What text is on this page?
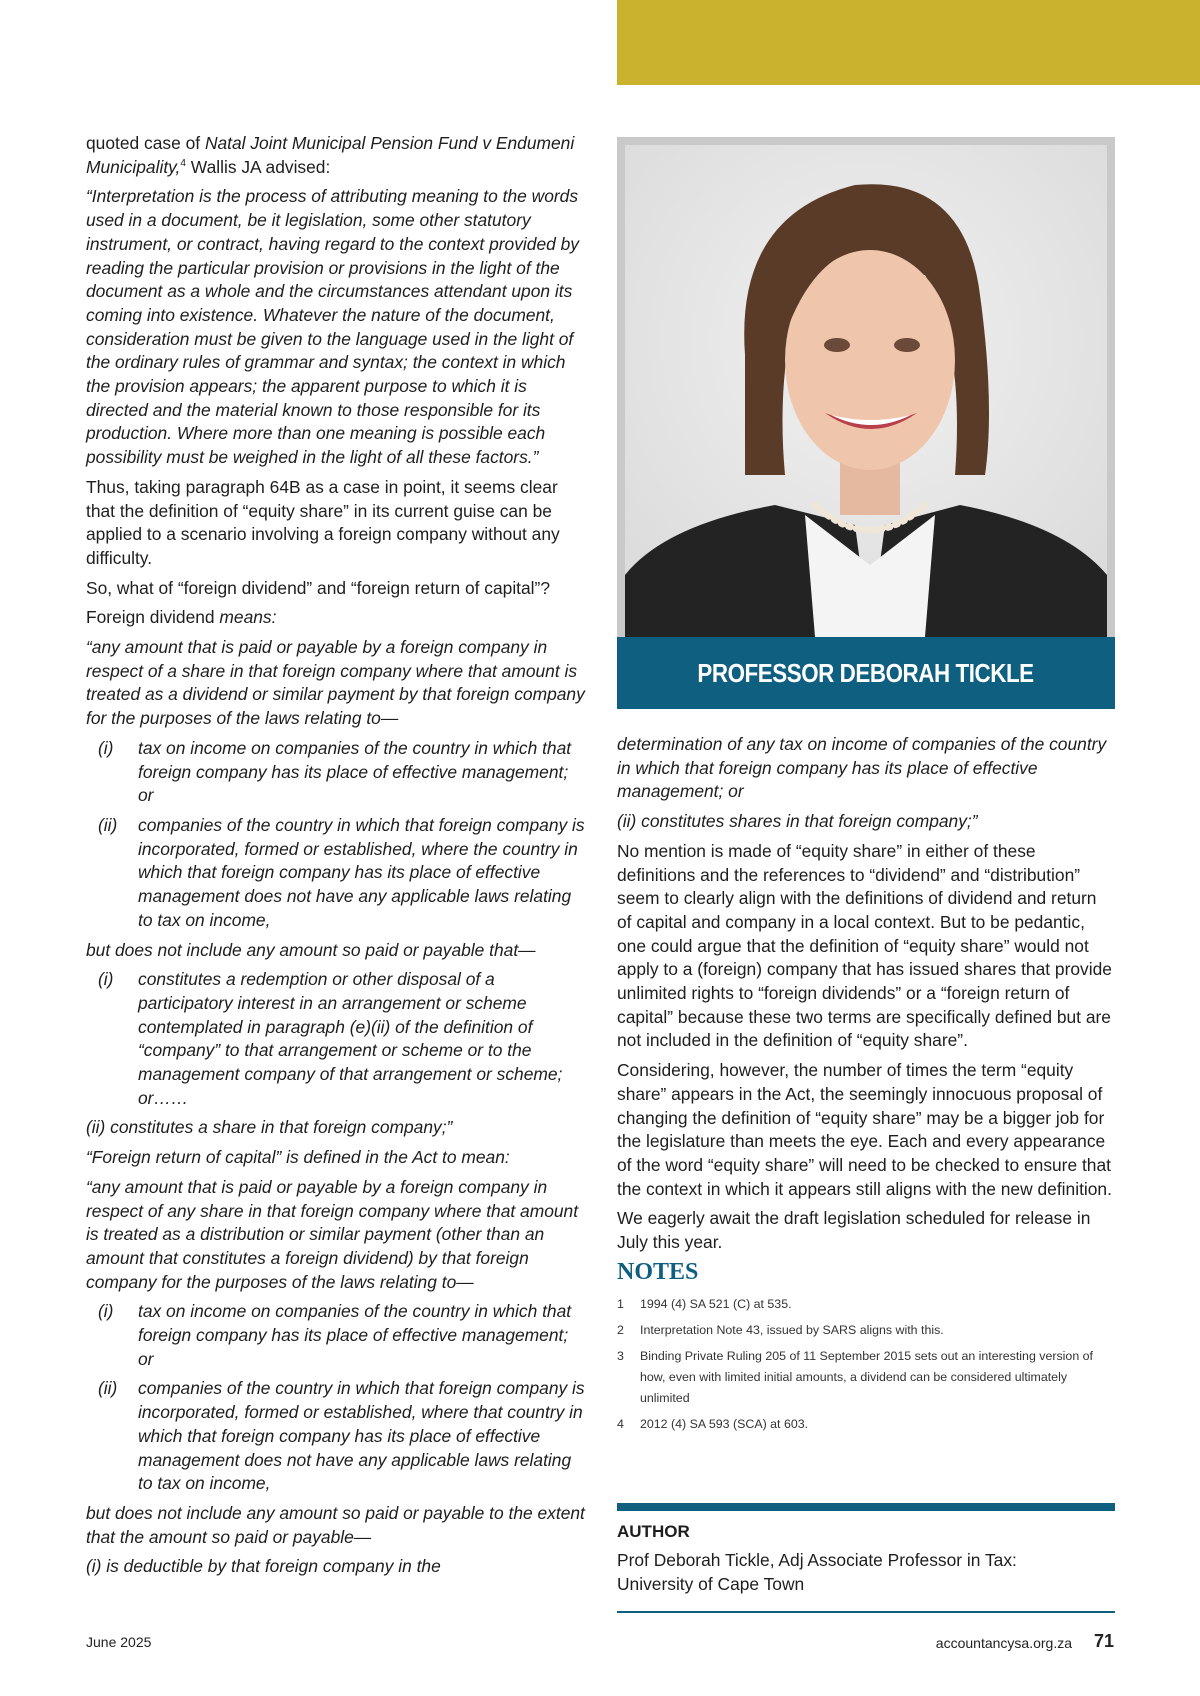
quoted case of Natal Joint Municipal Pension Fund v Endumeni Municipality,$^4$ Wallis JA advised:

“Interpretation is the process of attributing meaning to the words used in a document, be it legislation, some other statutory instrument, or contract, having regard to the context provided by reading the particular provision or provisions in the light of the document as a whole and the circumstances attendant upon its coming into existence. Whatever the nature of the document, consideration must be given to the language used in the light of the ordinary rules of grammar and syntax; the context in which the provision appears; the apparent purpose to which it is directed and the material known to those responsible for its production. Where more than one meaning is possible each possibility must be weighed in the light of all these factors.”

Thus, taking paragraph 64B as a case in point, it seems clear that the definition of “equity share” in its current guise can be applied to a scenario involving a foreign company without any difficulty.

So, what of “foreign dividend” and “foreign return of capital”?

Foreign dividend means:

“any amount that is paid or payable by a foreign company in respect of a share in that foreign company where that amount is treated as a dividend or similar payment by that foreign company for the purposes of the laws relating to—

(i)	tax on income on companies of the country in which that foreign company has its place of effective management; or
(ii)	companies of the country in which that foreign company is incorporated, formed or established, where the country in which that foreign company has its place of effective management does not have any applicable laws relating to tax on income,

but does not include any amount so paid or payable that—

(i)	constitutes a redemption or other disposal of a participatory interest in an arrangement or scheme contemplated in paragraph (e)(ii) of the definition of “company” to that arrangement or scheme or to the management company of that arrangement or scheme; or……

(ii) constitutes a share in that foreign company;”

“Foreign return of capital” is defined in the Act to mean:

“any amount that is paid or payable by a foreign company in respect of any share in that foreign company where that amount is treated as a distribution or similar payment (other than an amount that constitutes a foreign dividend) by that foreign company for the purposes of the laws relating to—

(i)	tax on income on companies of the country in which that foreign company has its place of effective management; or
(ii)	companies of the country in which that foreign company is incorporated, formed or established, where that country in which that foreign company has its place of effective management does not have any applicable laws relating to tax on income,

but does not include any amount so paid or payable to the extent that the amount so paid or payable—

(i) is deductible by that foreign company in the

PROFESSOR DEBORAH TICKLE

determination of any tax on income of companies of the country in which that foreign company has its place of effective management; or

(ii) constitutes shares in that foreign company;”

No mention is made of “equity share” in either of these definitions and the references to “dividend” and “distribution” seem to clearly align with the definitions of dividend and return of capital and company in a local context. But to be pedantic, one could argue that the definition of “equity share” would not apply to a (foreign) company that has issued shares that provide unlimited rights to “foreign dividends” or a “foreign return of capital” because these two terms are specifically defined but are not included in the definition of “equity share”.

Considering, however, the number of times the term “equity share” appears in the Act, the seemingly innocuous proposal of changing the definition of “equity share” may be a bigger job for the legislature than meets the eye. Each and every appearance of the word “equity share” will need to be checked to ensure that the context in which it appears still aligns with the new definition.

We eagerly await the draft legislation scheduled for release in July this year.

NOTES
1	1994 (4) SA 521 (C) at 535.
2	Interpretation Note 43, issued by SARS aligns with this.
3	Binding Private Ruling 205 of 11 September 2015 sets out an interesting version of how, even with limited initial amounts, a dividend can be considered ultimately unlimited
4	2012 (4) SA 593 (SCA) at 603.
AUTHOR
Prof Deborah Tickle, Adj Associate Professor in Tax:
University of Cape Town
June 2025	accountancysa.org.za 71
